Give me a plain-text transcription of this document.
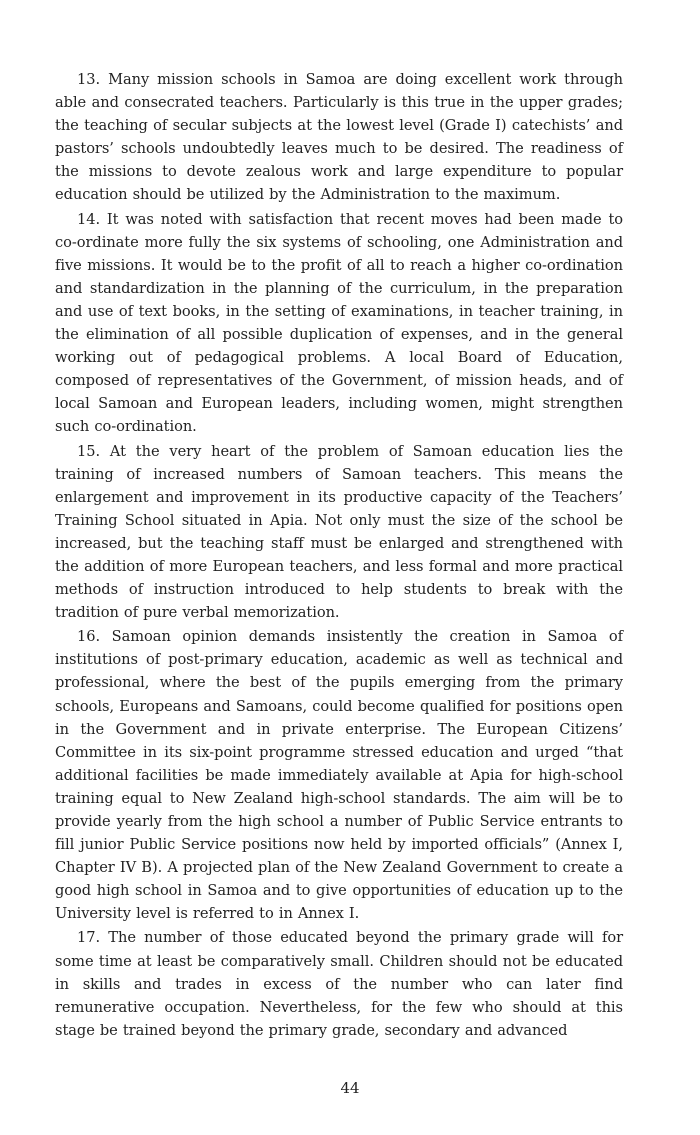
13. Many mission schools in Samoa are doing excellent work through able and consecrated teachers. Particularly is this true in the upper grades; the teaching of secular subjects at the lowest level (Grade I) catechists’ and pastors’ schools undoubtedly leaves much to be desired. The readiness of the missions to devote zealous work and large expenditure to popular education should be utilized by the Administration to the maximum.

14. It was noted with satisfaction that recent moves had been made to co-ordinate more fully the six systems of schooling, one Administration and five missions. It would be to the profit of all to reach a higher co-ordination and standardization in the planning of the curriculum, in the preparation and use of text books, in the setting of examinations, in teacher training, in the elimination of all possible duplication of expenses, and in the general working out of pedagogical problems. A local Board of Education, composed of representatives of the Government, of mission heads, and of local Samoan and European leaders, including women, might strengthen such co-ordination.

15. At the very heart of the problem of Samoan education lies the training of increased numbers of Samoan teachers. This means the enlargement and improvement in its productive capacity of the Teachers’ Training School situated in Apia. Not only must the size of the school be increased, but the teaching staff must be enlarged and strengthened with the addition of more European teachers, and less formal and more practical methods of instruction introduced to help students to break with the tradition of pure verbal memorization.

16. Samoan opinion demands insistently the creation in Samoa of institutions of post-primary education, academic as well as technical and professional, where the best of the pupils emerging from the primary schools, Europeans and Samoans, could become qualified for positions open in the Government and in private enterprise. The European Citizens’ Committee in its six-point programme stressed education and urged “that additional facilities be made immediately available at Apia for high-school training equal to New Zealand high-school standards. The aim will be to provide yearly from the high school a number of Public Service entrants to fill junior Public Service positions now held by imported officials” (Annex I, Chapter IV B). A projected plan of the New Zealand Government to create a good high school in Samoa and to give opportunities of education up to the University level is referred to in Annex I.

17. The number of those educated beyond the primary grade will for some time at least be comparatively small. Children should not be educated in skills and trades in excess of the number who can later find remunerative occupation. Nevertheless, for the few who should at this stage be trained beyond the primary grade, secondary and advanced

44
